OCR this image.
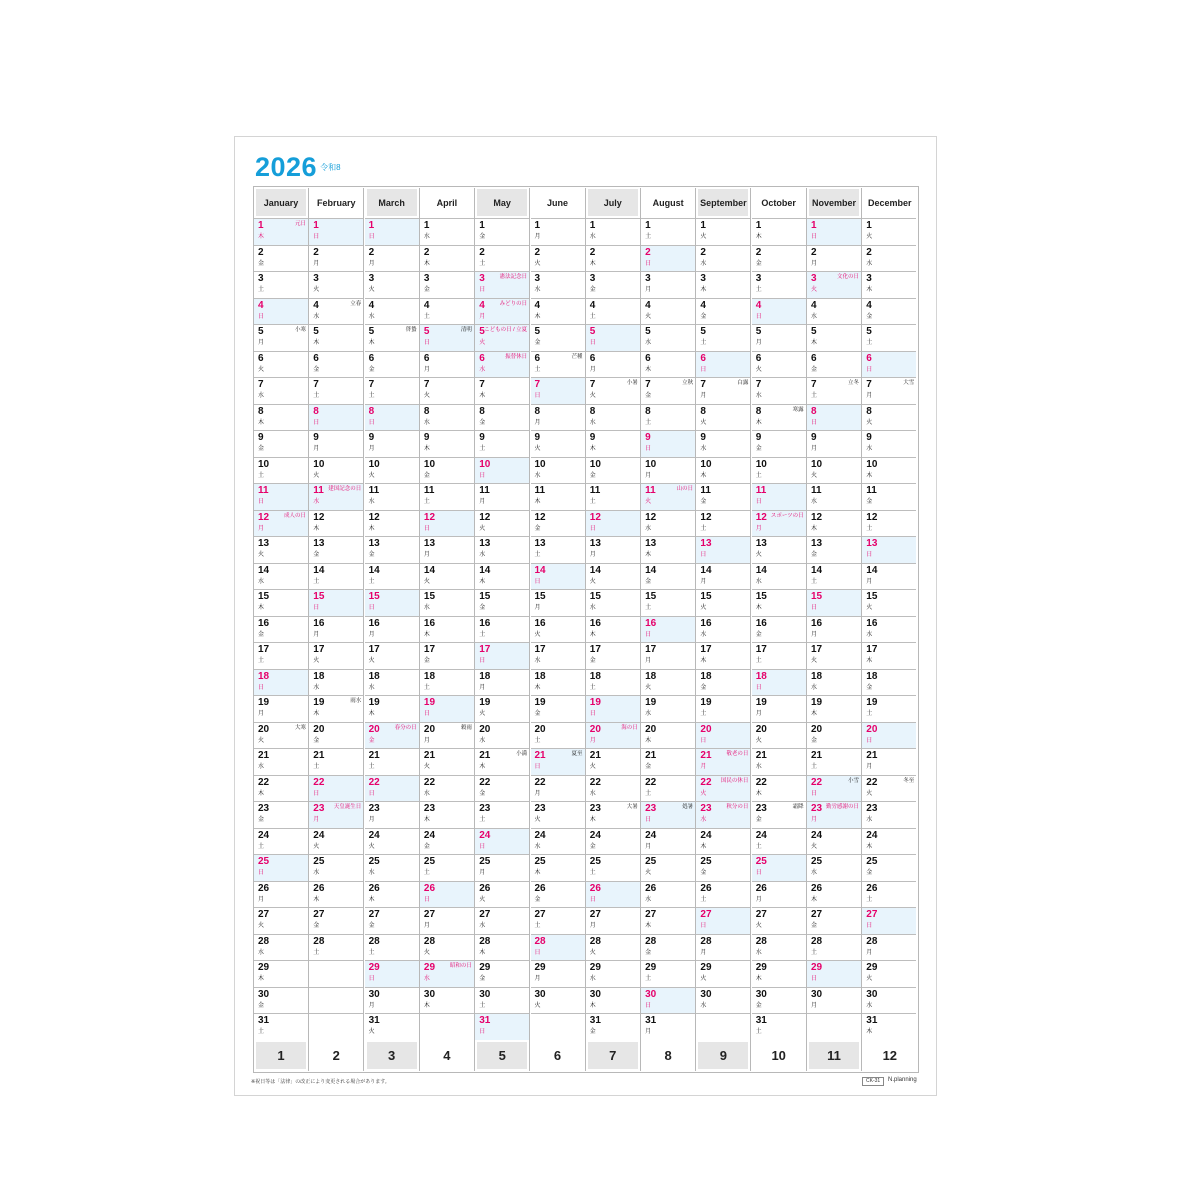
2026 令和8
January
1
木
元日
2
金
3
土
4
日
5
月
小寒
6
火
7
水
8
木
9
金
10
土
11
日
12
月
成人の日
13
火
14
水
15
木
16
金
17
土
18
日
19
月
20
火
大寒
21
水
22
木
23
金
24
土
25
日
26
月
27
火
28
水
29
木
30
金
31
土
1
February
1
日
2
月
3
火
4
水
立春
5
木
6
金
7
土
8
日
9
月
10
火
11
水
建国記念の日
12
木
13
金
14
土
15
日
16
月
17
火
18
水
19
木
雨水
20
金
21
土
22
日
23
月
天皇誕生日
24
火
25
水
26
木
27
金
28
土
2
March
1
日
2
月
3
火
4
水
5
木
啓蟄
6
金
7
土
8
日
9
月
10
火
11
水
12
木
13
金
14
土
15
日
16
月
17
火
18
水
19
木
20
金
春分の日
21
土
22
日
23
月
24
火
25
水
26
木
27
金
28
土
29
日
30
月
31
火
3
April
1
水
2
木
3
金
4
土
5
日
清明
6
月
7
火
8
水
9
木
10
金
11
土
12
日
13
月
14
火
15
水
16
木
17
金
18
土
19
日
20
月
穀雨
21
火
22
水
23
木
24
金
25
土
26
日
27
月
28
火
29
水
昭和の日
30
木
4
May
1
金
2
土
3
日
憲法記念日
4
月
みどりの日
5
火
こどもの日 / 立夏
6
水
振替休日
7
木
8
金
9
土
10
日
11
月
12
火
13
水
14
木
15
金
16
土
17
日
18
月
19
火
20
水
21
木
小満
22
金
23
土
24
日
25
月
26
火
27
水
28
木
29
金
30
土
31
日
5
June
1
月
2
火
3
水
4
木
5
金
6
土
芒種
7
日
8
月
9
火
10
水
11
木
12
金
13
土
14
日
15
月
16
火
17
水
18
木
19
金
20
土
21
日
夏至
22
月
23
火
24
水
25
木
26
金
27
土
28
日
29
月
30
火
6
July
1
水
2
木
3
金
4
土
5
日
6
月
7
火
小暑
8
水
9
木
10
金
11
土
12
日
13
月
14
火
15
水
16
木
17
金
18
土
19
日
20
月
海の日
21
火
22
水
23
木
大暑
24
金
25
土
26
日
27
月
28
火
29
水
30
木
31
金
7
August
1
土
2
日
3
月
4
火
5
水
6
木
7
金
立秋
8
土
9
日
10
月
11
火
山の日
12
水
13
木
14
金
15
土
16
日
17
月
18
火
19
水
20
木
21
金
22
土
23
日
処暑
24
月
25
火
26
水
27
木
28
金
29
土
30
日
31
月
8
September
1
火
2
水
3
木
4
金
5
土
6
日
7
月
白露
8
火
9
水
10
木
11
金
12
土
13
日
14
月
15
火
16
水
17
木
18
金
19
土
20
日
21
月
敬老の日
22
火
国民の休日
23
水
秋分の日
24
木
25
金
26
土
27
日
28
月
29
火
30
水
9
October
1
木
2
金
3
土
4
日
5
月
6
火
7
水
8
木
寒露
9
金
10
土
11
日
12
月
スポーツの日
13
火
14
水
15
木
16
金
17
土
18
日
19
月
20
火
21
水
22
木
23
金
霜降
24
土
25
日
26
月
27
火
28
水
29
木
30
金
31
土
10
November
1
日
2
月
3
火
文化の日
4
水
5
木
6
金
7
土
立冬
8
日
9
月
10
火
11
水
12
木
13
金
14
土
15
日
16
月
17
火
18
水
19
木
20
金
21
土
22
日
小雪
23
月
勤労感謝の日
24
火
25
水
26
木
27
金
28
土
29
日
30
月
11
December
1
火
2
水
3
木
4
金
5
土
6
日
7
月
大雪
8
火
9
水
10
木
11
金
12
土
13
日
14
月
15
火
16
水
17
木
18
金
19
土
20
日
21
月
22
火
冬至
23
水
24
木
25
金
26
土
27
日
28
月
29
火
30
水
31
木
12
※祝日等は「法律」の改正により変更される場合があります。	CK-31	N.planning
